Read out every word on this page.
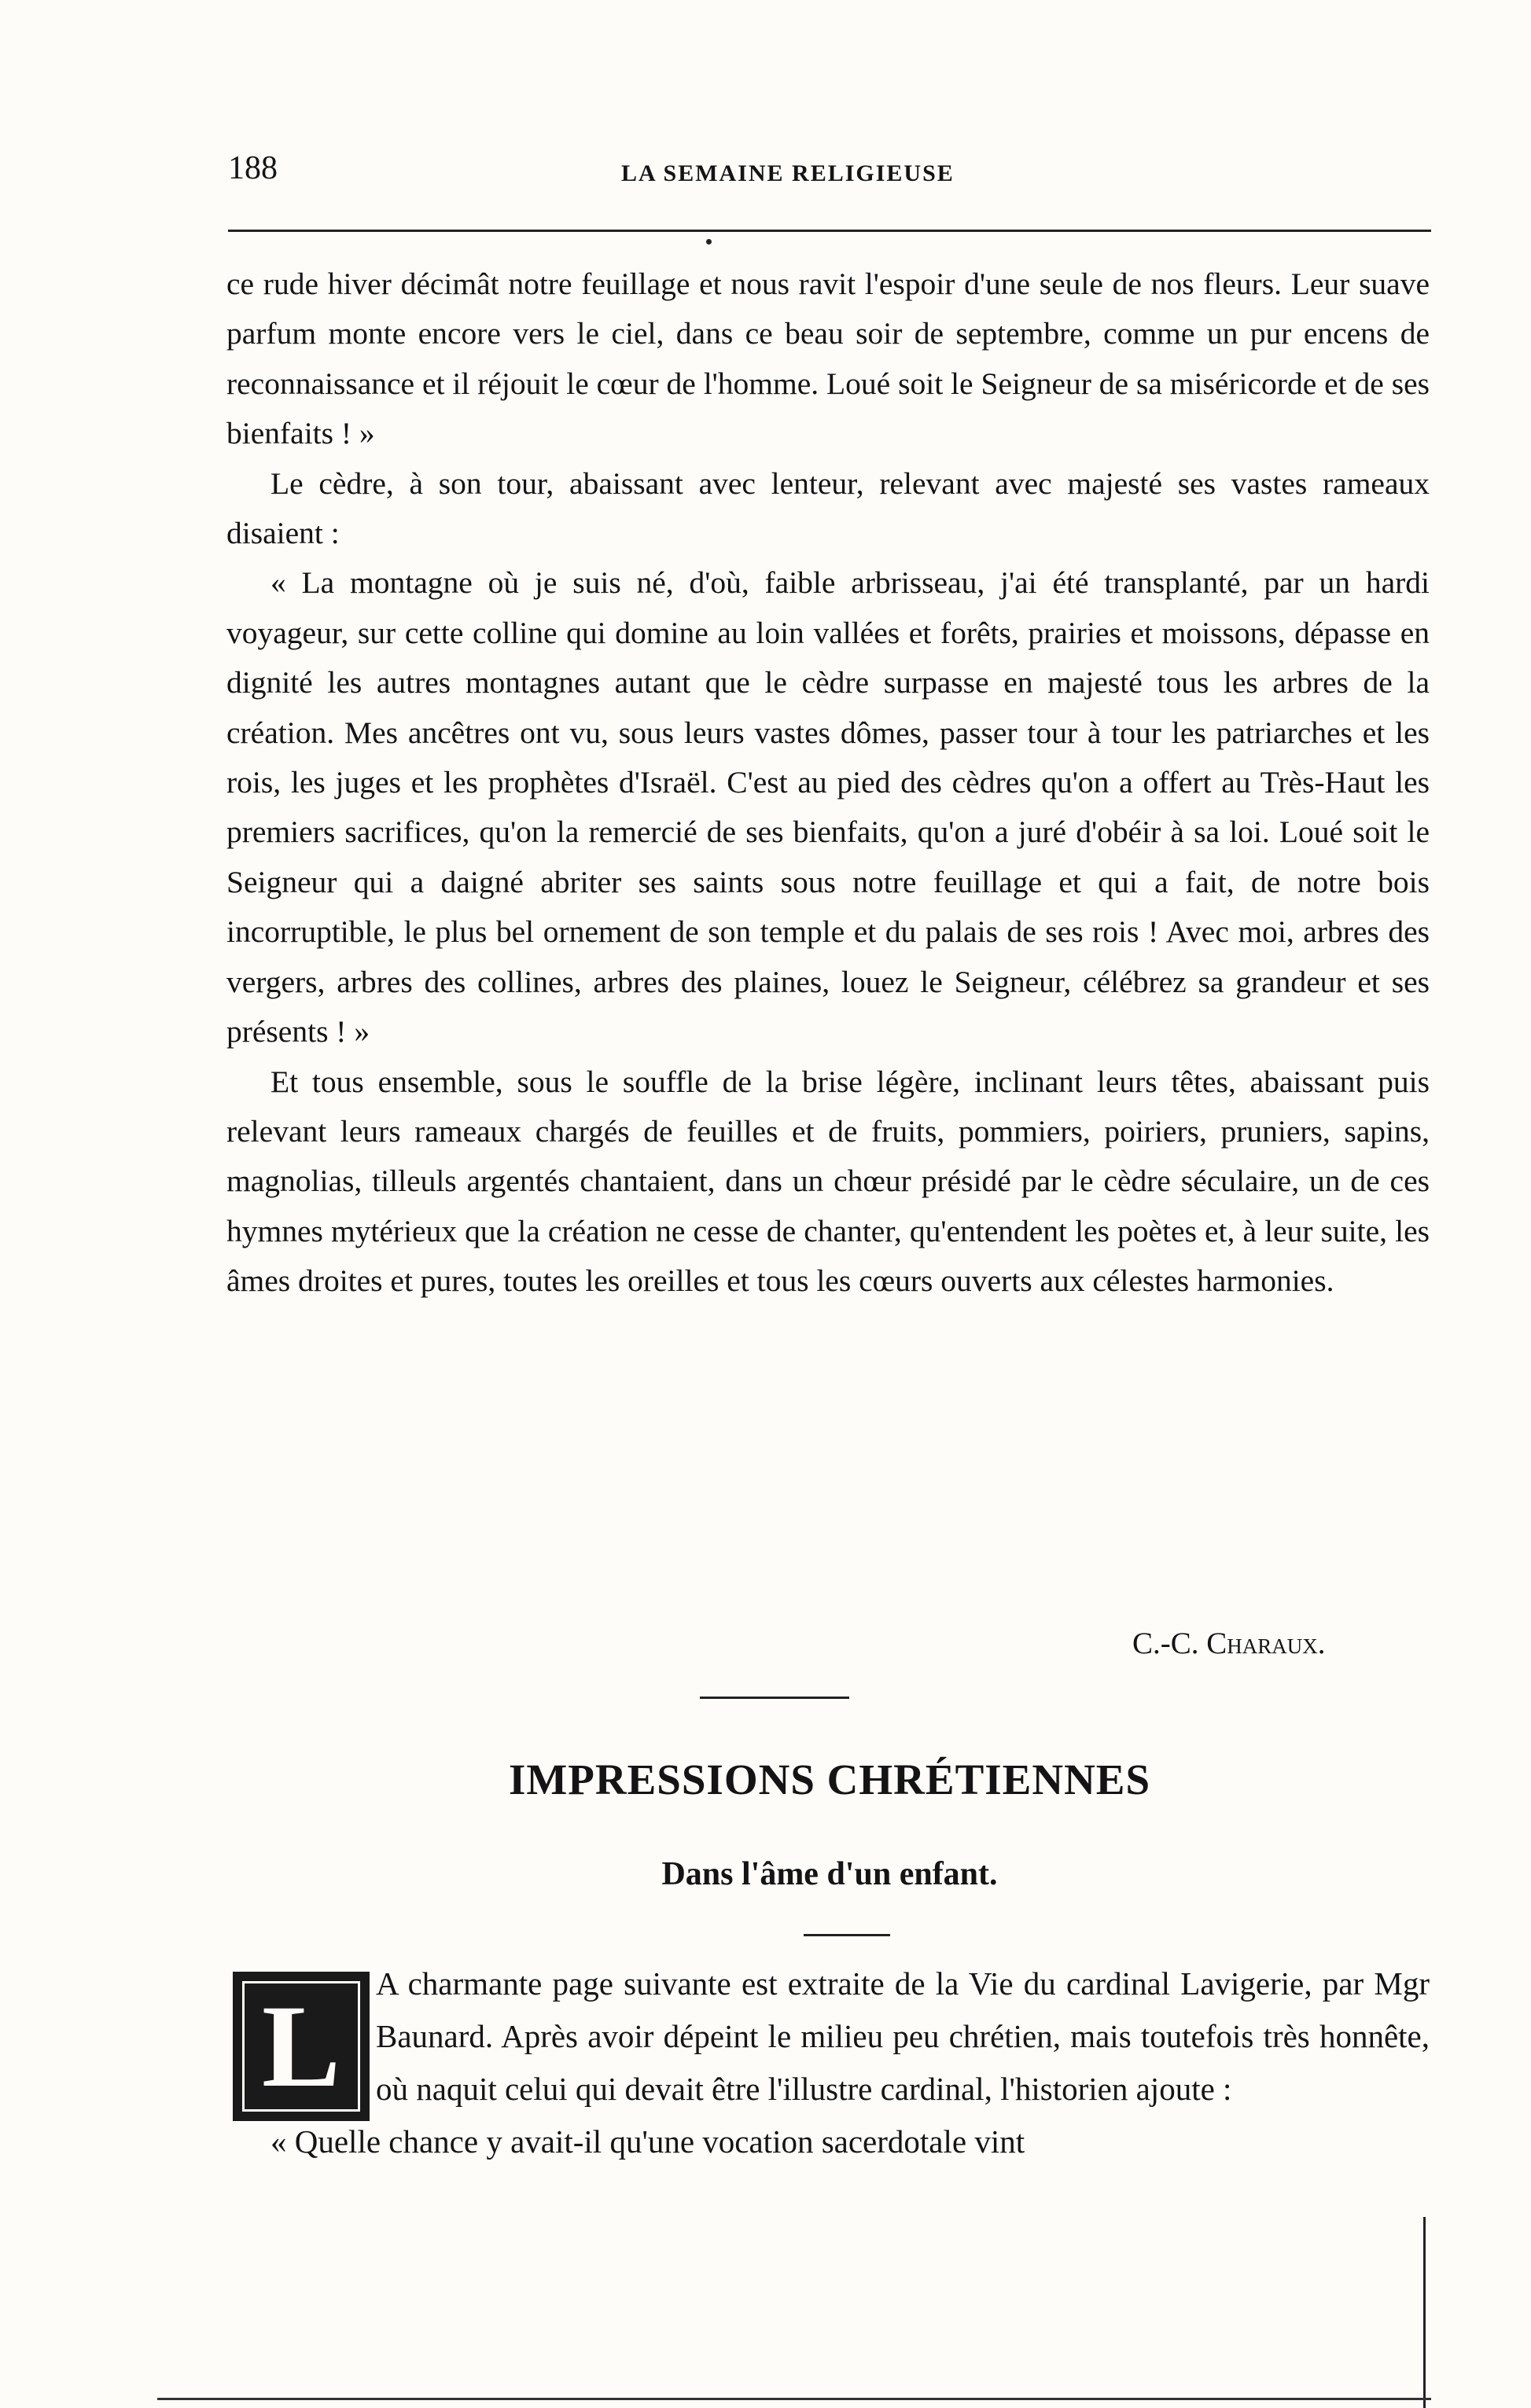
188	LA SEMAINE RELIGIEUSE

ce rude hiver décimât notre feuillage et nous ravit l'espoir d'une seule de nos fleurs. Leur suave parfum monte encore vers le ciel, dans ce beau soir de septembre, comme un pur encens de reconnaissance et il réjouit le cœur de l'homme. Loué soit le Seigneur de sa miséricorde et de ses bienfaits ! »

Le cèdre, à son tour, abaissant avec lenteur, relevant avec majesté ses vastes rameaux disaient :

« La montagne où je suis né, d'où, faible arbrisseau, j'ai été transplanté, par un hardi voyageur, sur cette colline qui domine au loin vallées et forêts, prairies et moissons, dépasse en dignité les autres montagnes autant que le cèdre surpasse en majesté tous les arbres de la création. Mes ancêtres ont vu, sous leurs vastes dômes, passer tour à tour les patriarches et les rois, les juges et les prophètes d'Israël. C'est au pied des cèdres qu'on a offert au Très-Haut les premiers sacrifices, qu'on la remercié de ses bienfaits, qu'on a juré d'obéir à sa loi. Loué soit le Seigneur qui a daigné abriter ses saints sous notre feuillage et qui a fait, de notre bois incorruptible, le plus bel ornement de son temple et du palais de ses rois ! Avec moi, arbres des vergers, arbres des collines, arbres des plaines, louez le Seigneur, célébrez sa grandeur et ses présents ! »

Et tous ensemble, sous le souffle de la brise légère, inclinant leurs têtes, abaissant puis relevant leurs rameaux chargés de feuilles et de fruits, pommiers, poiriers, pruniers, sapins, magnolias, tilleuls argentés chantaient, dans un chœur présidé par le cèdre séculaire, un de ces hymnes mytérieux que la création ne cesse de chanter, qu'entendent les poètes et, à leur suite, les âmes droites et pures, toutes les oreilles et tous les cœurs ouverts aux célestes harmonies.

C.-C. Charaux.
IMPRESSIONS CHRÉTIENNES
Dans l'âme d'un enfant.
L	A charmante page suivante est extraite de la Vie du cardinal Lavigerie, par Mgr Baunard. Après avoir dépeint le milieu peu chrétien, mais toutefois très honnête, où naquit celui qui devait être l'illustre cardinal, l'historien ajoute :

« Quelle chance y avait-il qu'une vocation sacerdotale vint
